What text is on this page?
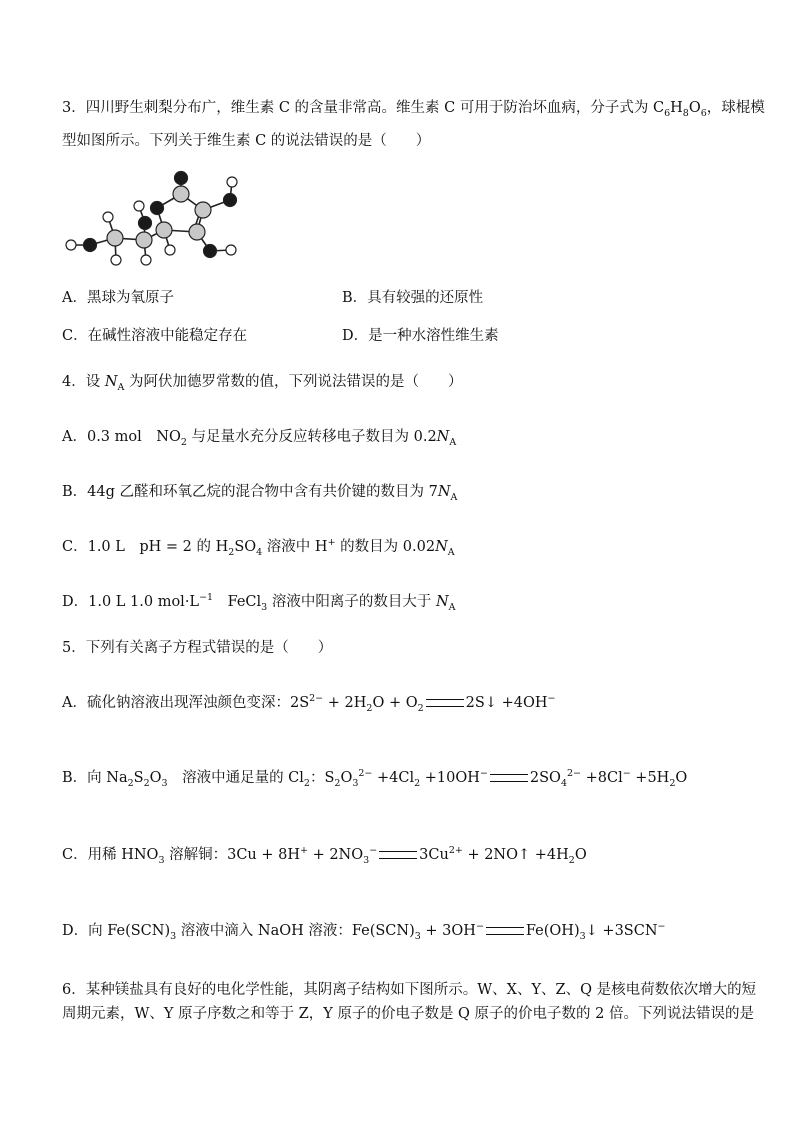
3．四川野生刺梨分布广，维生素 C 的含量非常高。维生素 C 可用于防治坏血病，分子式为 $C_6H_8O_6$，球棍模
型如图所示。下列关于维生素 C 的说法错误的是（　　）
A．黑球为氧原子	B．具有较强的还原性
C．在碱性溶液中能稳定存在	D．是一种水溶性维生素
4．设 $N_A$ 为阿伏加德罗常数的值，下列说法错误的是（　　）
A．0.3 mol　$NO_2$ 与足量水充分反应转移电子数目为 $0.2N_A$
B．44g 乙醛和环氧乙烷的混合物中含有共价键的数目为 $7N_A$
C．1.0 L　pH = 2 的 $H_2SO_4$ 溶液中 H+ 的数目为 $0.02N_A$
D．1.0 L 1.0 $mol\cdot L^{-1}$　FeCl$_3$ 溶液中阳离子的数目大于 $N_A$
5．下列有关离子方程式错误的是（　　）
A．硫化钠溶液出现浑浊颜色变深：$2S^{2-} + 2H_2O + O_2$	2S↓ +4OH−
B．向 $Na_2S_2O_3$　溶液中通足量的 $Cl_2$：$S_2O_3^{2-} +4Cl_2 +10OH^-$	$2SO_4^{2-} +8Cl^- +5H_2O$
C．用稀 $HNO_3$ 溶解铜：$3Cu + 8H^+ + 2NO_3^-$	$3Cu^{2+}$ + 2NO↑ $+4H_2O$
D．向 $Fe(SCN)_3$ 溶液中滴入 NaOH 溶液：$Fe(SCN)_3 + 3OH^-$	$Fe(OH)_3↓ +3SCN^-$
6．某种镁盐具有良好的电化学性能，其阴离子结构如下图所示。W、X、Y、Z、Q 是核电荷数依次增大的短
周期元素，W、Y 原子序数之和等于 Z，Y 原子的价电子数是 Q 原子的价电子数的 2 倍。下列说法错误的是
